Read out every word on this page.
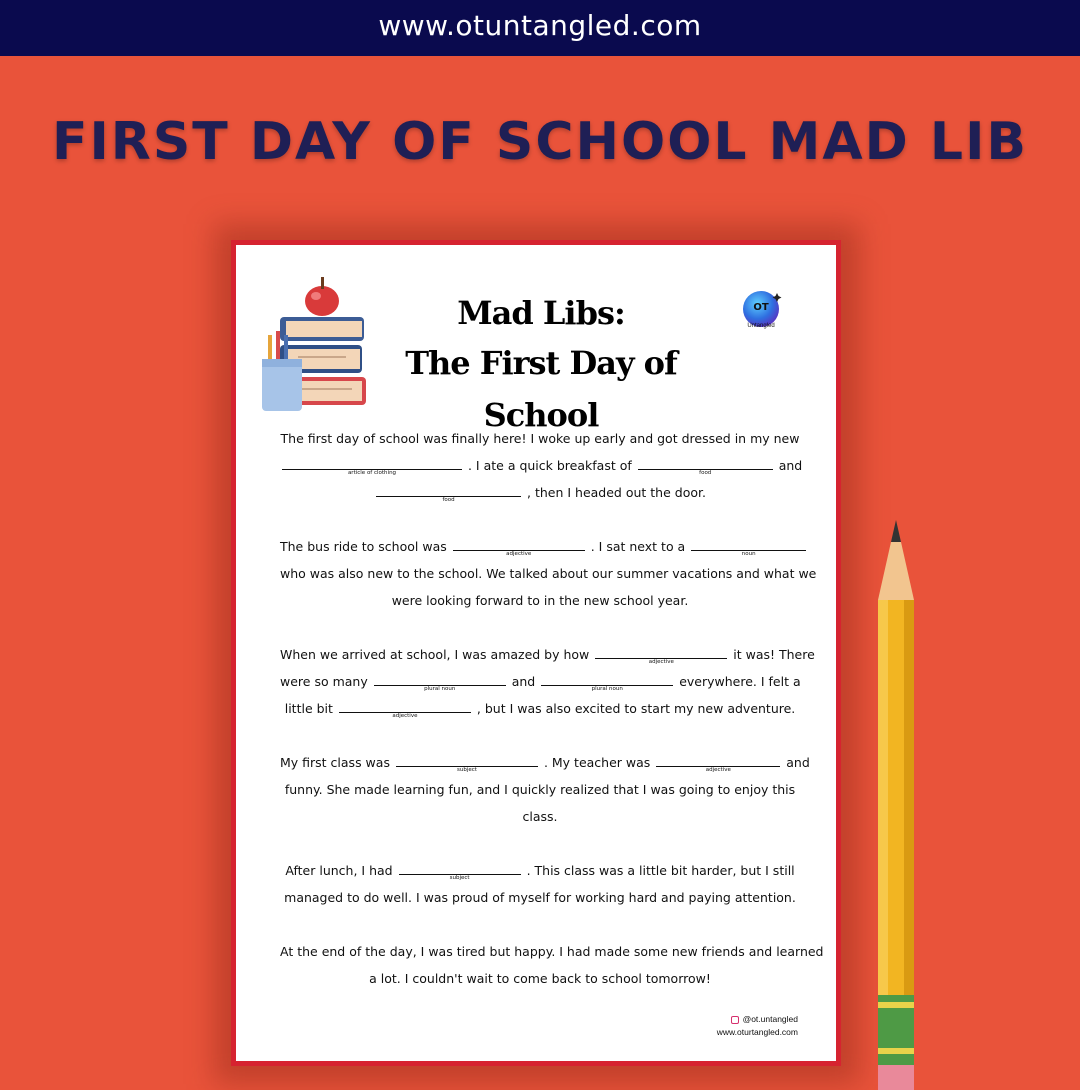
www.otuntangled.com
FIRST DAY OF SCHOOL MAD LIB
Mad Libs:
The First Day of School
OT
Untangled
The first day of school was finally here! I woke up early and got dressed in my new
article of clothing	. I ate a quick breakfast of	food	and
food	, then I headed out the door.
The bus ride to school was	adjective	. I sat next to a	noun
who was also new to the school. We talked about our summer vacations and what we
were looking forward to in the new school year.
When we arrived at school, I was amazed by how	adjective	it was! There
were so many	plural noun	and	plural noun	everywhere. I felt a
little bit	adjective	, but I was also excited to start my new adventure.
My first class was	subject	. My teacher was	adjective	and
funny. She made learning fun, and I quickly realized that I was going to enjoy this
class.
After lunch, I had	subject	. This class was a little bit harder, but I still
managed to do well. I was proud of myself for working hard and paying attention.
At the end of the day, I was tired but happy. I had made some new friends and learned
a lot. I couldn't wait to come back to school tomorrow!
@ot.untangled
www.oturtangled.com
